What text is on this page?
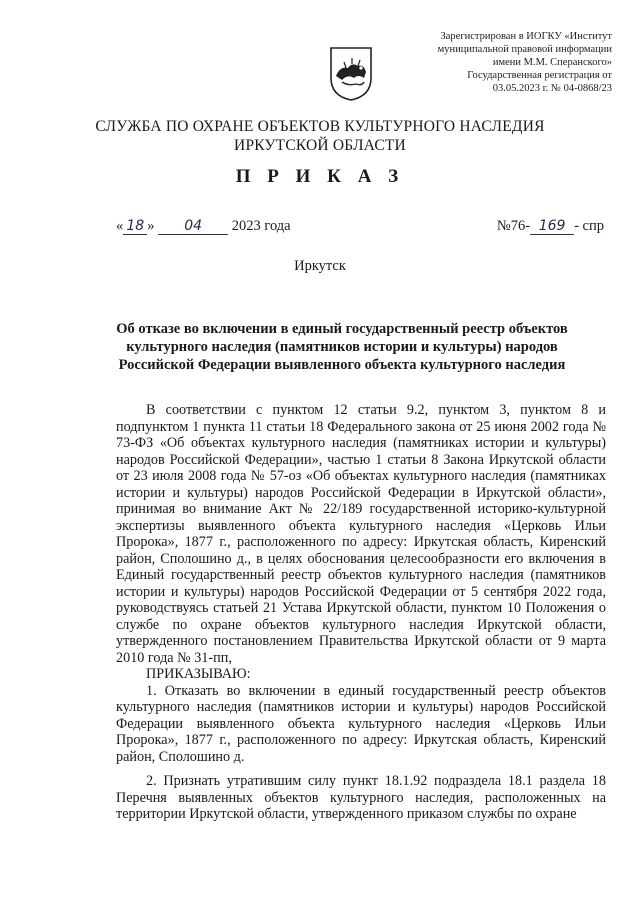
Зарегистрирован в ИОГКУ «Институт
муниципальной правовой информации
имени М.М. Сперанского»
Государственная регистрация от
03.05.2023 г. № 04-0868/23
СЛУЖБА ПО ОХРАНЕ ОБЪЕКТОВ КУЛЬТУРНОГО НАСЛЕДИЯ
ИРКУТСКОЙ ОБЛАСТИ
П Р И К А З
« 18 » 04 2023 года	№76- 169 - спр
Иркутск
Об отказе во включении в единый государственный реестр объектов
культурного наследия (памятников истории и культуры) народов
Российской Федерации выявленного объекта культурного наследия

В соответствии с пунктом 12 статьи 9.2, пунктом 3, пунктом 8 и подпунктом 1 пункта 11 статьи 18 Федерального закона от 25 июня 2002 года № 73-ФЗ «Об объектах культурного наследия (памятниках истории и культуры) народов Российской Федерации», частью 1 статьи 8 Закона Иркутской области от 23 июля 2008 года № 57-оз «Об объектах культурного наследия (памятниках истории и культуры) народов Российской Федерации в Иркутской области», принимая во внимание Акт № 22/189 государственной историко-культурной экспертизы выявленного объекта культурного наследия «Церковь Ильи Пророка», 1877 г., расположенного по адресу: Иркутская область, Киренский район, Сполошино д., в целях обоснования целесообразности его включения в Единый государственный реестр объектов культурного наследия (памятников истории и культуры) народов Российской Федерации от 5 сентября 2022 года, руководствуясь статьей 21 Устава Иркутской области, пунктом 10 Положения о службе по охране объектов культурного наследия Иркутской области, утвержденного постановлением Правительства Иркутской области от 9 марта 2010 года № 31-пп,

ПРИКАЗЫВАЮ:

1. Отказать во включении в единый государственный реестр объектов культурного наследия (памятников истории и культуры) народов Российской Федерации выявленного объекта культурного наследия «Церковь Ильи Пророка», 1877 г., расположенного по адресу: Иркутская область, Киренский район, Сполошино д.

2. Признать утратившим силу пункт 18.1.92 подраздела 18.1 раздела 18 Перечня выявленных объектов культурного наследия, расположенных на территории Иркутской области, утвержденного приказом службы по охране
